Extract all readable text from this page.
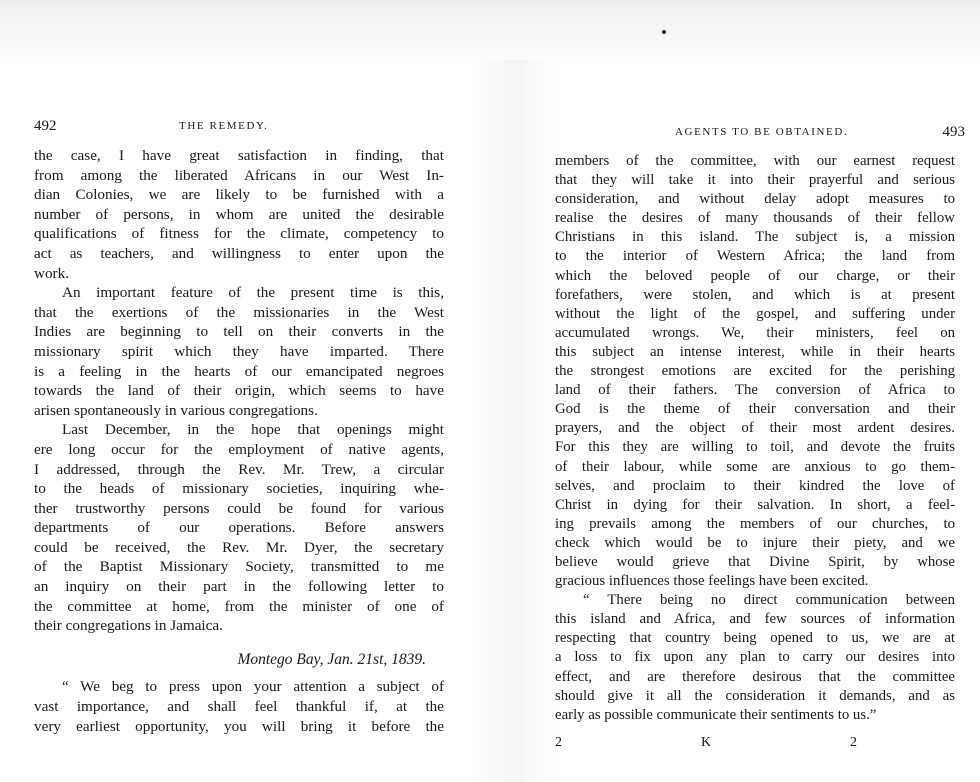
492	THE REMEDY.
the case, I have great satisfaction in finding, that
from among the liberated Africans in our West In-
dian Colonies, we are likely to be furnished with a
number of persons, in whom are united the desirable
qualifications of fitness for the climate, competency to
act as teachers, and willingness to enter upon the
work.
An important feature of the present time is this,
that the exertions of the missionaries in the West
Indies are beginning to tell on their converts in the
missionary spirit which they have imparted. There
is a feeling in the hearts of our emancipated negroes
towards the land of their origin, which seems to have
arisen spontaneously in various congregations.
Last December, in the hope that openings might
ere long occur for the employment of native agents,
I addressed, through the Rev. Mr. Trew, a circular
to the heads of missionary societies, inquiring whe-
ther trustworthy persons could be found for various
departments of our operations. Before answers
could be received, the Rev. Mr. Dyer, the secretary
of the Baptist Missionary Society, transmitted to me
an inquiry on their part in the following letter to
the committee at home, from the minister of one of
their congregations in Jamaica.
Montego Bay, Jan. 21st, 1839.
“ We beg to press upon your attention a subject of
vast importance, and shall feel thankful if, at the
very earliest opportunity, you will bring it before the
AGENTS TO BE OBTAINED.	493
members of the committee, with our earnest request
that they will take it into their prayerful and serious
consideration, and without delay adopt measures to
realise the desires of many thousands of their fellow
Christians in this island. The subject is, a mission
to the interior of Western Africa; the land from
which the beloved people of our charge, or their
forefathers, were stolen, and which is at present
without the light of the gospel, and suffering under
accumulated wrongs. We, their ministers, feel on
this subject an intense interest, while in their hearts
the strongest emotions are excited for the perishing
land of their fathers. The conversion of Africa to
God is the theme of their conversation and their
prayers, and the object of their most ardent desires.
For this they are willing to toil, and devote the fruits
of their labour, while some are anxious to go them-
selves, and proclaim to their kindred the love of
Christ in dying for their salvation. In short, a feel-
ing prevails among the members of our churches, to
check which would be to injure their piety, and we
believe would grieve that Divine Spirit, by whose
gracious influences those feelings have been excited.
“ There being no direct communication between
this island and Africa, and few sources of information
respecting that country being opened to us, we are at
a loss to fix upon any plan to carry our desires into
effect, and are therefore desirous that the committee
should give it all the consideration it demands, and as
early as possible communicate their sentiments to us.”
2 K 2
